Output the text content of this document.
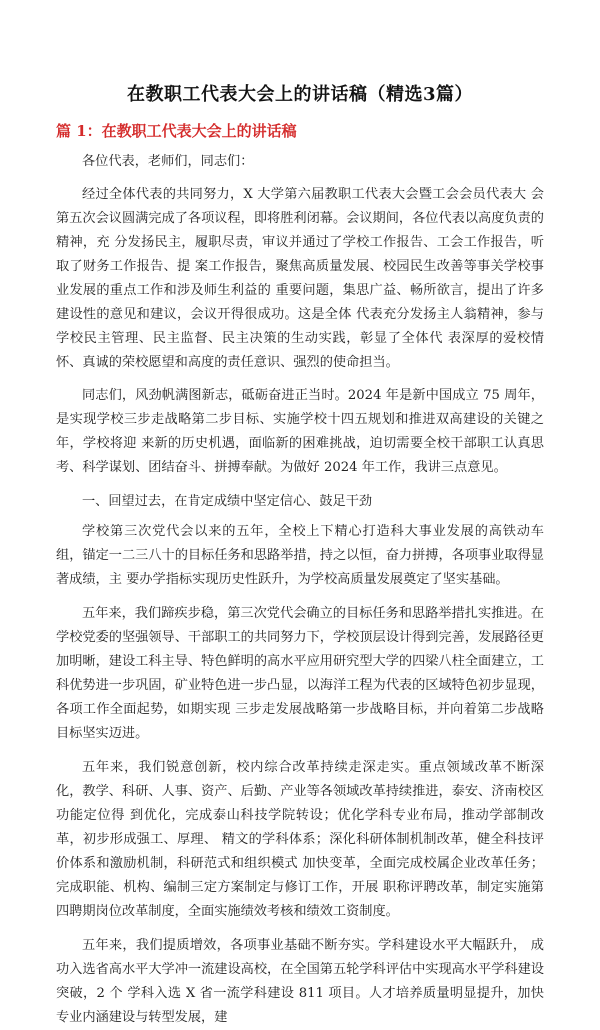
在教职工代表大会上的讲话稿（精选3篇）
篇 1：在教职工代表大会上的讲话稿

各位代表，老师们，同志们：

经过全体代表的共同努力，X 大学第六届教职工代表大会暨工会会员代表大 会第五次会议圆满完成了各项议程，即将胜利闭幕。会议期间，各位代表以高度负责的精神，充 分发扬民主，履职尽责，审议并通过了学校工作报告、工会工作报告，听取了财务工作报告、提 案工作报告，聚焦高质量发展、校园民生改善等事关学校事业发展的重点工作和涉及师生利益的 重要问题，集思广益、畅所欲言，提出了许多建设性的意见和建议，会议开得很成功。这是全体 代表充分发扬主人翁精神，参与学校民主管理、民主监督、民主决策的生动实践，彰显了全体代 表深厚的爱校情怀、真诚的荣校愿望和高度的责任意识、强烈的使命担当。

同志们，风劲帆满图新志，砥砺奋进正当时。2024 年是新中国成立 75 周年，是实现学校三步走战略第二步目标、实施学校十四五规划和推进双高建设的关键之年，学校将迎 来新的历史机遇，面临新的困难挑战，迫切需要全校干部职工认真思考、科学谋划、团结奋斗、拼搏奉献。为做好 2024 年工作，我讲三点意见。

一、回望过去，在肯定成绩中坚定信心、鼓足干劲

学校第三次党代会以来的五年，全校上下精心打造科大事业发展的高铁动车 组，锚定一二三八十的目标任务和思路举措，持之以恒，奋力拼搏，各项事业取得显著成绩，主 要办学指标实现历史性跃升，为学校高质量发展奠定了坚实基础。

五年来，我们蹄疾步稳，第三次党代会确立的目标任务和思路举措扎实推进。在学校党委的坚强领导、干部职工的共同努力下，学校顶层设计得到完善，发展路径更加明晰，建设工科主导、特色鲜明的高水平应用研究型大学的四梁八柱全面建立，工科优势进一步巩固，矿业特色进一步凸显，以海洋工程为代表的区域特色初步显现，各项工作全面起势，如期实现 三步走发展战略第一步战略目标，并向着第二步战略目标坚实迈进。

五年来，我们锐意创新，校内综合改革持续走深走实。重点领域改革不断深 化，教学、科研、人事、资产、后勤、产业等各领域改革持续推进，泰安、济南校区功能定位得 到优化，完成泰山科技学院转设；优化学科专业布局，推动学部制改革，初步形成强工、厚理、 精文的学科体系；深化科研体制机制改革，健全科技评价体系和激励机制，科研范式和组织模式 加快变革，全面完成校属企业改革任务；完成职能、机构、编制三定方案制定与修订工作，开展 职称评聘改革，制定实施第四聘期岗位改革制度，全面实施绩效考核和绩效工资制度。

五年来，我们提质增效，各项事业基础不断夯实。学科建设水平大幅跃升， 成功入选省高水平大学冲一流建设高校，在全国第五轮学科评估中实现高水平学科建设突破，2 个 学科入选 X 省一流学科建设 811 项目。人才培养质量明显提升，加快专业内涵建设与转型发展，建
